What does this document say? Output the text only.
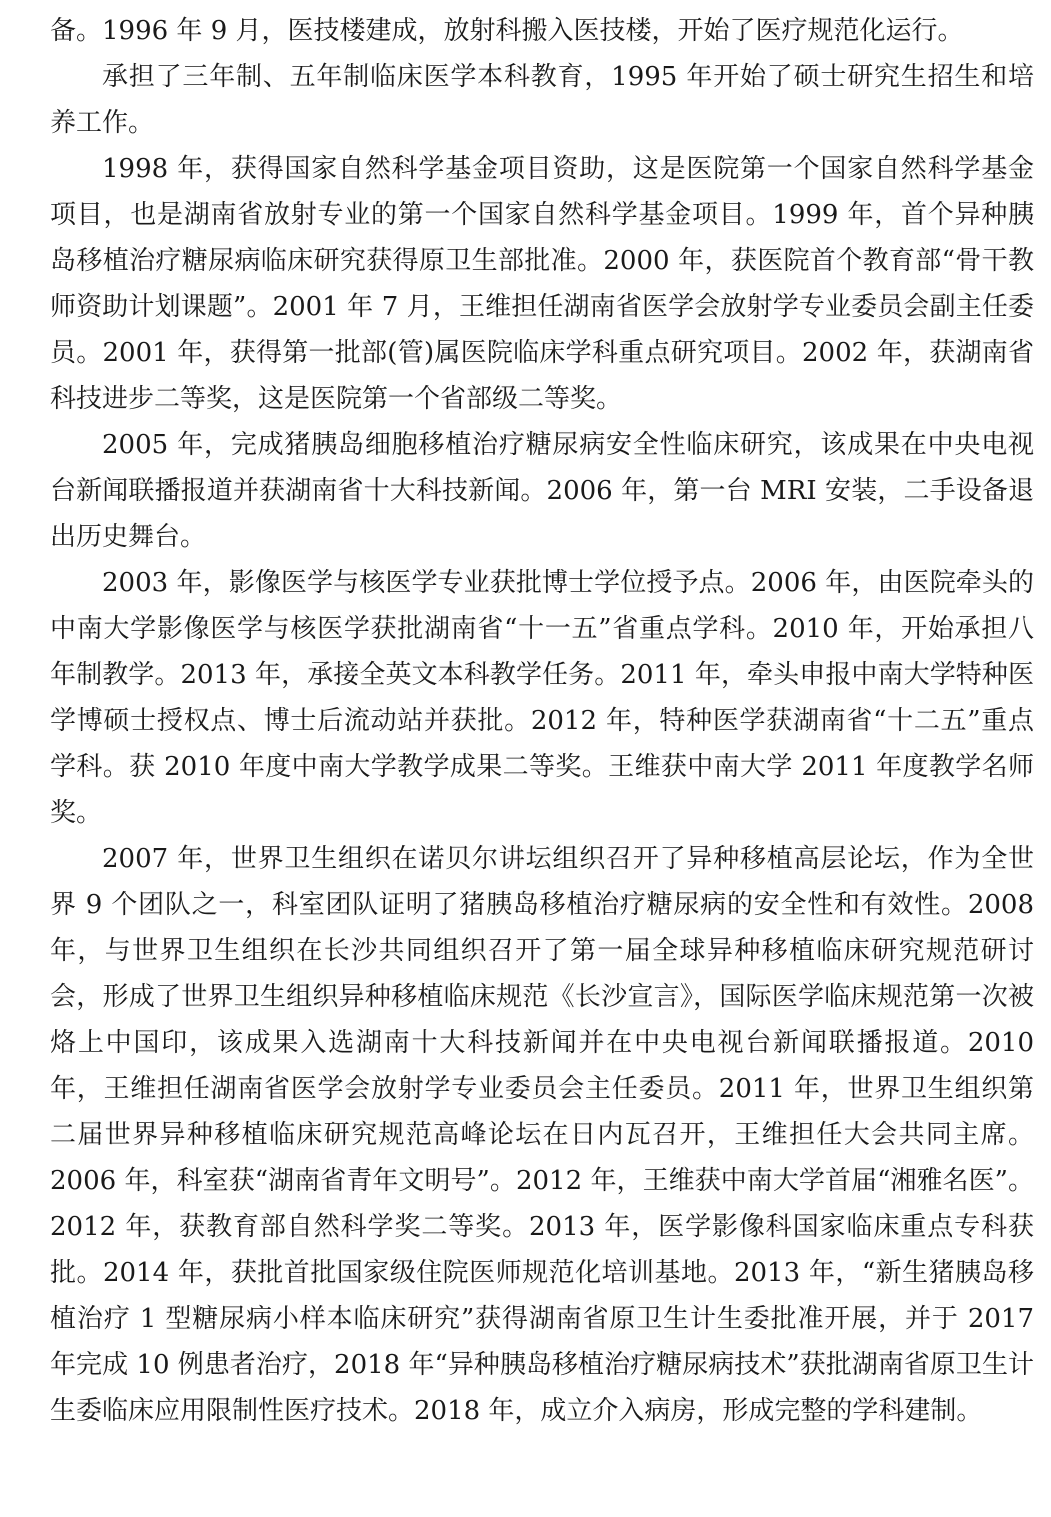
备。1996 年 9 月，医技楼建成，放射科搬入医技楼，开始了医疗规范化运行。

承担了三年制、五年制临床医学本科教育，1995 年开始了硕士研究生招生和培养工作。

1998 年，获得国家自然科学基金项目资助，这是医院第一个国家自然科学基金项目，也是湖南省放射专业的第一个国家自然科学基金项目。1999 年，首个异种胰岛移植治疗糖尿病临床研究获得原卫生部批准。2000 年，获医院首个教育部“骨干教师资助计划课题”。2001 年 7 月，王维担任湖南省医学会放射学专业委员会副主任委员。2001 年，获得第一批部(管)属医院临床学科重点研究项目。2002 年，获湖南省科技进步二等奖，这是医院第一个省部级二等奖。

2005 年，完成猪胰岛细胞移植治疗糖尿病安全性临床研究，该成果在中央电视台新闻联播报道并获湖南省十大科技新闻。2006 年，第一台 MRI 安装，二手设备退出历史舞台。

2003 年，影像医学与核医学专业获批博士学位授予点。2006 年，由医院牵头的中南大学影像医学与核医学获批湖南省“十一五”省重点学科。2010 年，开始承担八年制教学。2013 年，承接全英文本科教学任务。2011 年，牵头申报中南大学特种医学博硕士授权点、博士后流动站并获批。2012 年，特种医学获湖南省“十二五”重点学科。获 2010 年度中南大学教学成果二等奖。王维获中南大学 2011 年度教学名师奖。

2007 年，世界卫生组织在诺贝尔讲坛组织召开了异种移植高层论坛，作为全世界 9 个团队之一，科室团队证明了猪胰岛移植治疗糖尿病的安全性和有效性。2008 年，与世界卫生组织在长沙共同组织召开了第一届全球异种移植临床研究规范研讨会，形成了世界卫生组织异种移植临床规范《长沙宣言》，国际医学临床规范第一次被烙上中国印，该成果入选湖南十大科技新闻并在中央电视台新闻联播报道。2010 年，王维担任湖南省医学会放射学专业委员会主任委员。2011 年，世界卫生组织第二届世界异种移植临床研究规范高峰论坛在日内瓦召开，王维担任大会共同主席。2006 年，科室获“湖南省青年文明号”。2012 年，王维获中南大学首届“湘雅名医”。2012 年，获教育部自然科学奖二等奖。2013 年，医学影像科国家临床重点专科获批。2014 年，获批首批国家级住院医师规范化培训基地。2013 年，“新生猪胰岛移植治疗 1 型糖尿病小样本临床研究”获得湖南省原卫生计生委批准开展，并于 2017 年完成 10 例患者治疗，2018 年“异种胰岛移植治疗糖尿病技术”获批湖南省原卫生计生委临床应用限制性医疗技术。2018 年，成立介入病房，形成完整的学科建制。
